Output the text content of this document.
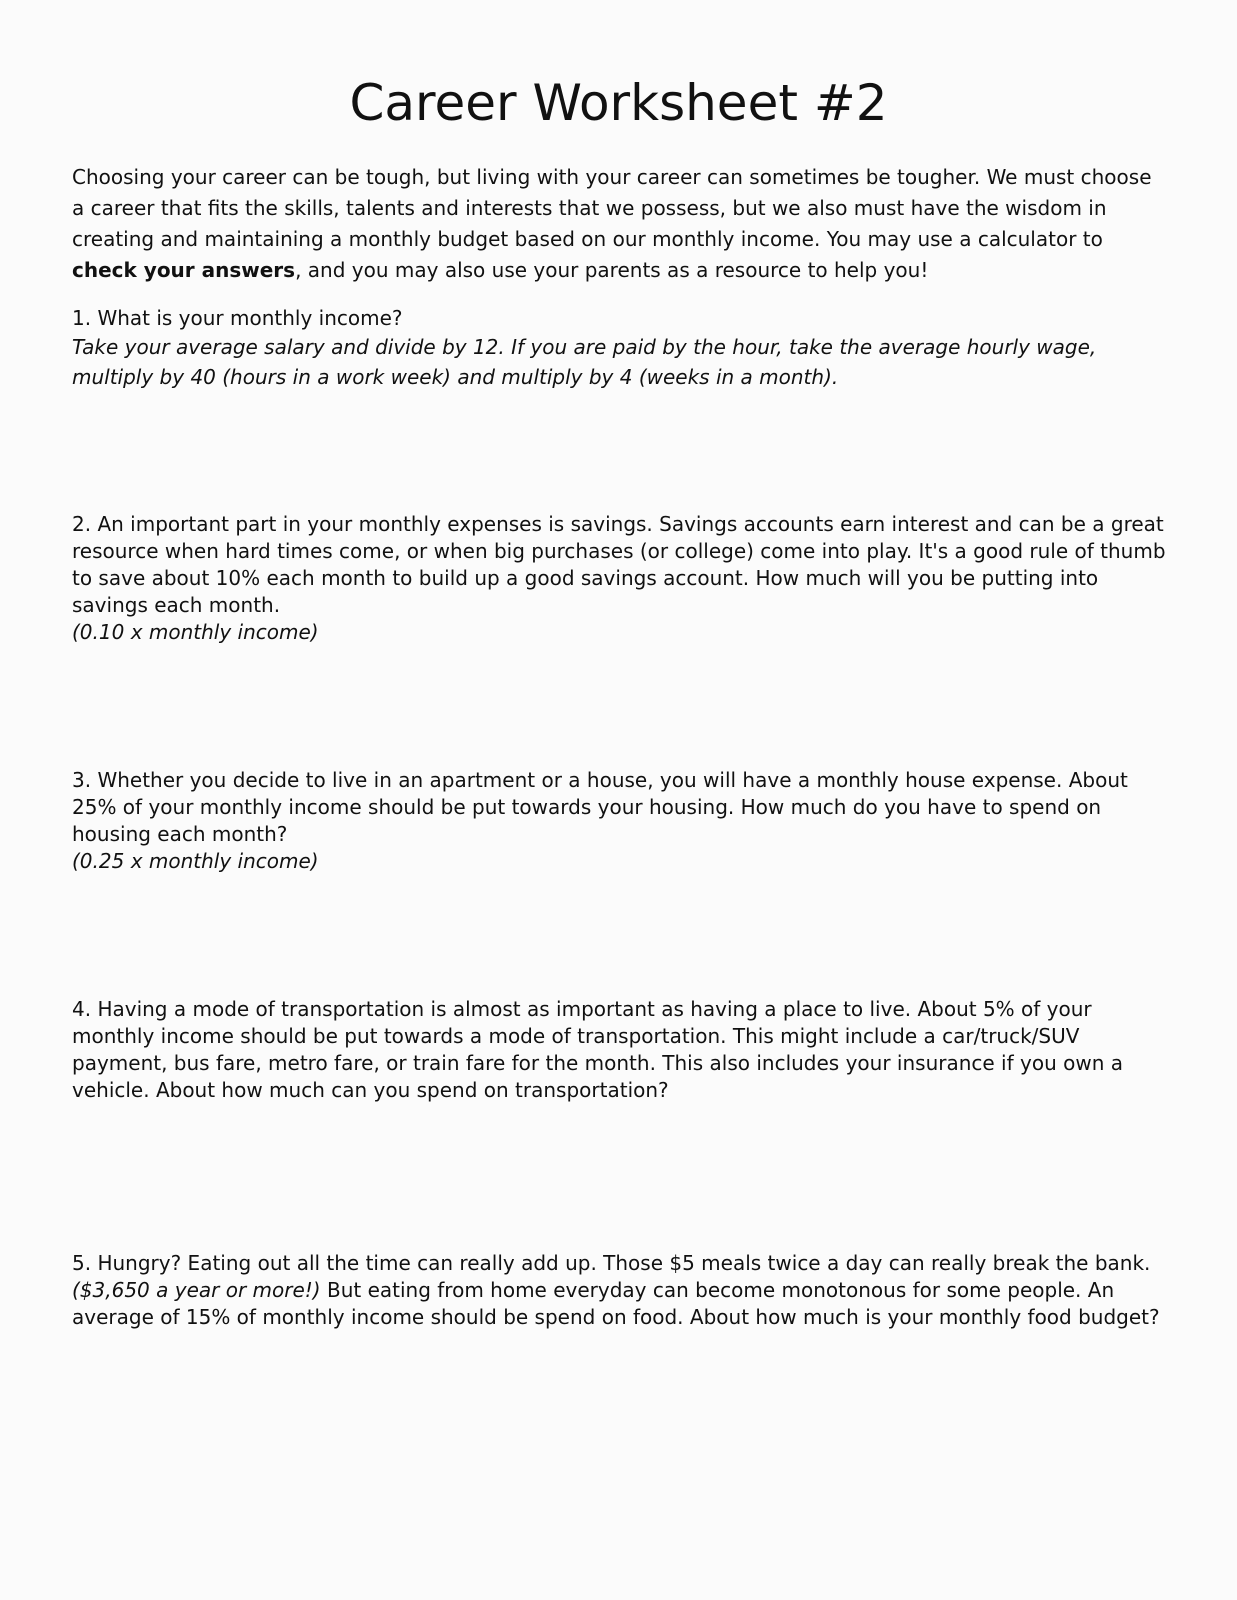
Career Worksheet #2

Choosing your career can be tough, but living with your career can sometimes be tougher. We must choose a career that fits the skills, talents and interests that we possess, but we also must have the wisdom in creating and maintaining a monthly budget based on our monthly income. You may use a calculator to check your answers, and you may also use your parents as a resource to help you!

1. What is your monthly income?

Take your average salary and divide by 12. If you are paid by the hour, take the average hourly wage, multiply by 40 (hours in a work week) and multiply by 4 (weeks in a month).

2. An important part in your monthly expenses is savings. Savings accounts earn interest and can be a great resource when hard times come, or when big purchases (or college) come into play. It's a good rule of thumb to save about 10% each month to build up a good savings account. How much will you be putting into savings each month.

(0.10 x monthly income)

3. Whether you decide to live in an apartment or a house, you will have a monthly house expense. About 25% of your monthly income should be put towards your housing. How much do you have to spend on housing each month?

(0.25 x monthly income)

4. Having a mode of transportation is almost as important as having a place to live. About 5% of your monthly income should be put towards a mode of transportation. This might include a car/truck/SUV payment, bus fare, metro fare, or train fare for the month. This also includes your insurance if you own a vehicle. About how much can you spend on transportation?

5. Hungry? Eating out all the time can really add up. Those $5 meals twice a day can really break the bank. ($3,650 a year or more!) But eating from home everyday can become monotonous for some people. An average of 15% of monthly income should be spend on food. About how much is your monthly food budget?
